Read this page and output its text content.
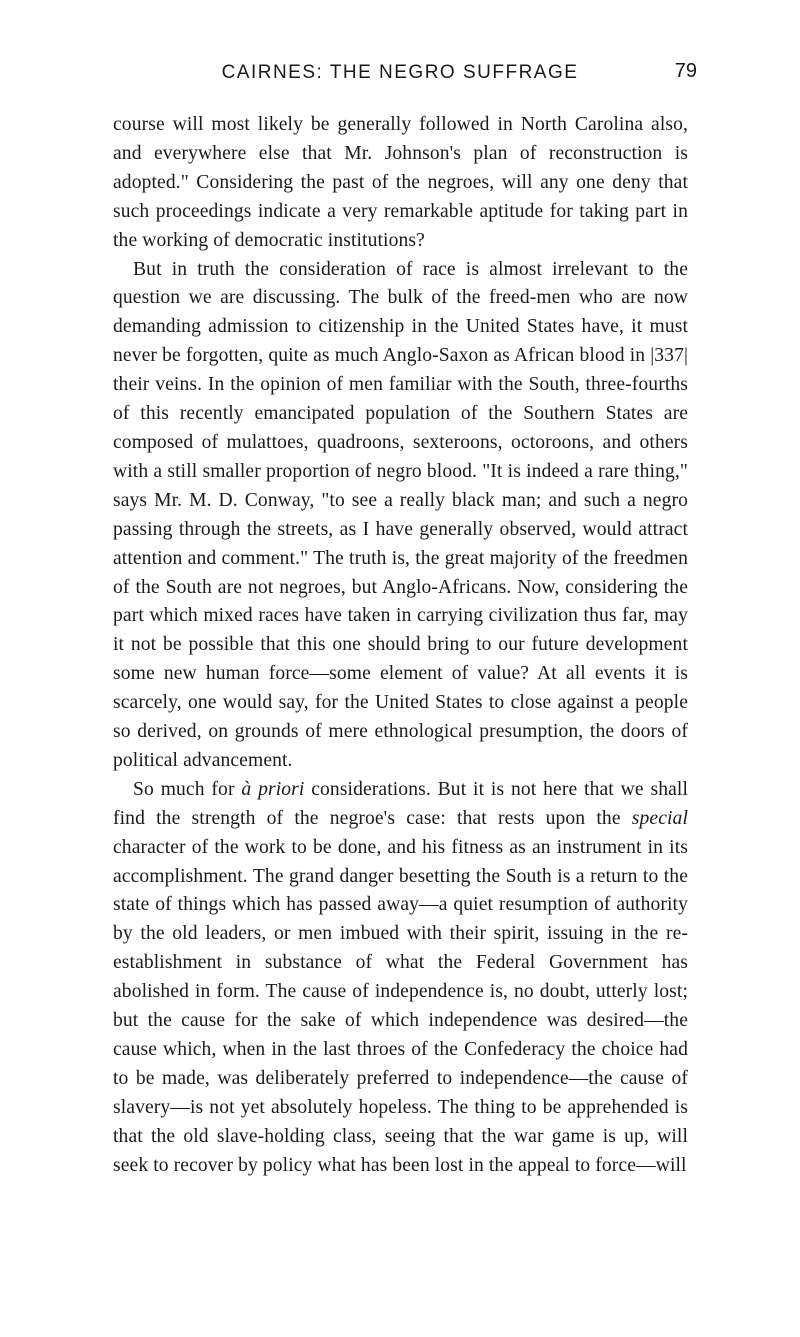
CAIRNES: THE NEGRO SUFFRAGE	79

course will most likely be generally followed in North Carolina also, and everywhere else that Mr. Johnson's plan of reconstruction is adopted." Considering the past of the negroes, will any one deny that such proceedings indicate a very remarkable aptitude for taking part in the working of democratic institutions?

But in truth the consideration of race is almost irrelevant to the question we are discussing. The bulk of the freed-men who are now demanding admission to citizenship in the United States have, it must never be forgotten, quite as much Anglo-Saxon as African blood in |337| their veins. In the opinion of men familiar with the South, three-fourths of this recently emancipated population of the Southern States are composed of mulattoes, quadroons, sexteroons, octoroons, and others with a still smaller proportion of negro blood. "It is indeed a rare thing," says Mr. M. D. Conway, "to see a really black man; and such a negro passing through the streets, as I have generally observed, would attract attention and comment." The truth is, the great majority of the freedmen of the South are not negroes, but Anglo-Africans. Now, considering the part which mixed races have taken in carrying civilization thus far, may it not be possible that this one should bring to our future development some new human force—some element of value? At all events it is scarcely, one would say, for the United States to close against a people so derived, on grounds of mere ethnological presumption, the doors of political advancement.

So much for à priori considerations. But it is not here that we shall find the strength of the negroe's case: that rests upon the special character of the work to be done, and his fitness as an instrument in its accomplishment. The grand danger besetting the South is a return to the state of things which has passed away—a quiet resumption of authority by the old leaders, or men imbued with their spirit, issuing in the re-establishment in substance of what the Federal Government has abolished in form. The cause of independence is, no doubt, utterly lost; but the cause for the sake of which independence was desired—the cause which, when in the last throes of the Confederacy the choice had to be made, was deliberately preferred to independence—the cause of slavery—is not yet absolutely hopeless. The thing to be apprehended is that the old slave-holding class, seeing that the war game is up, will seek to recover by policy what has been lost in the appeal to force—will
